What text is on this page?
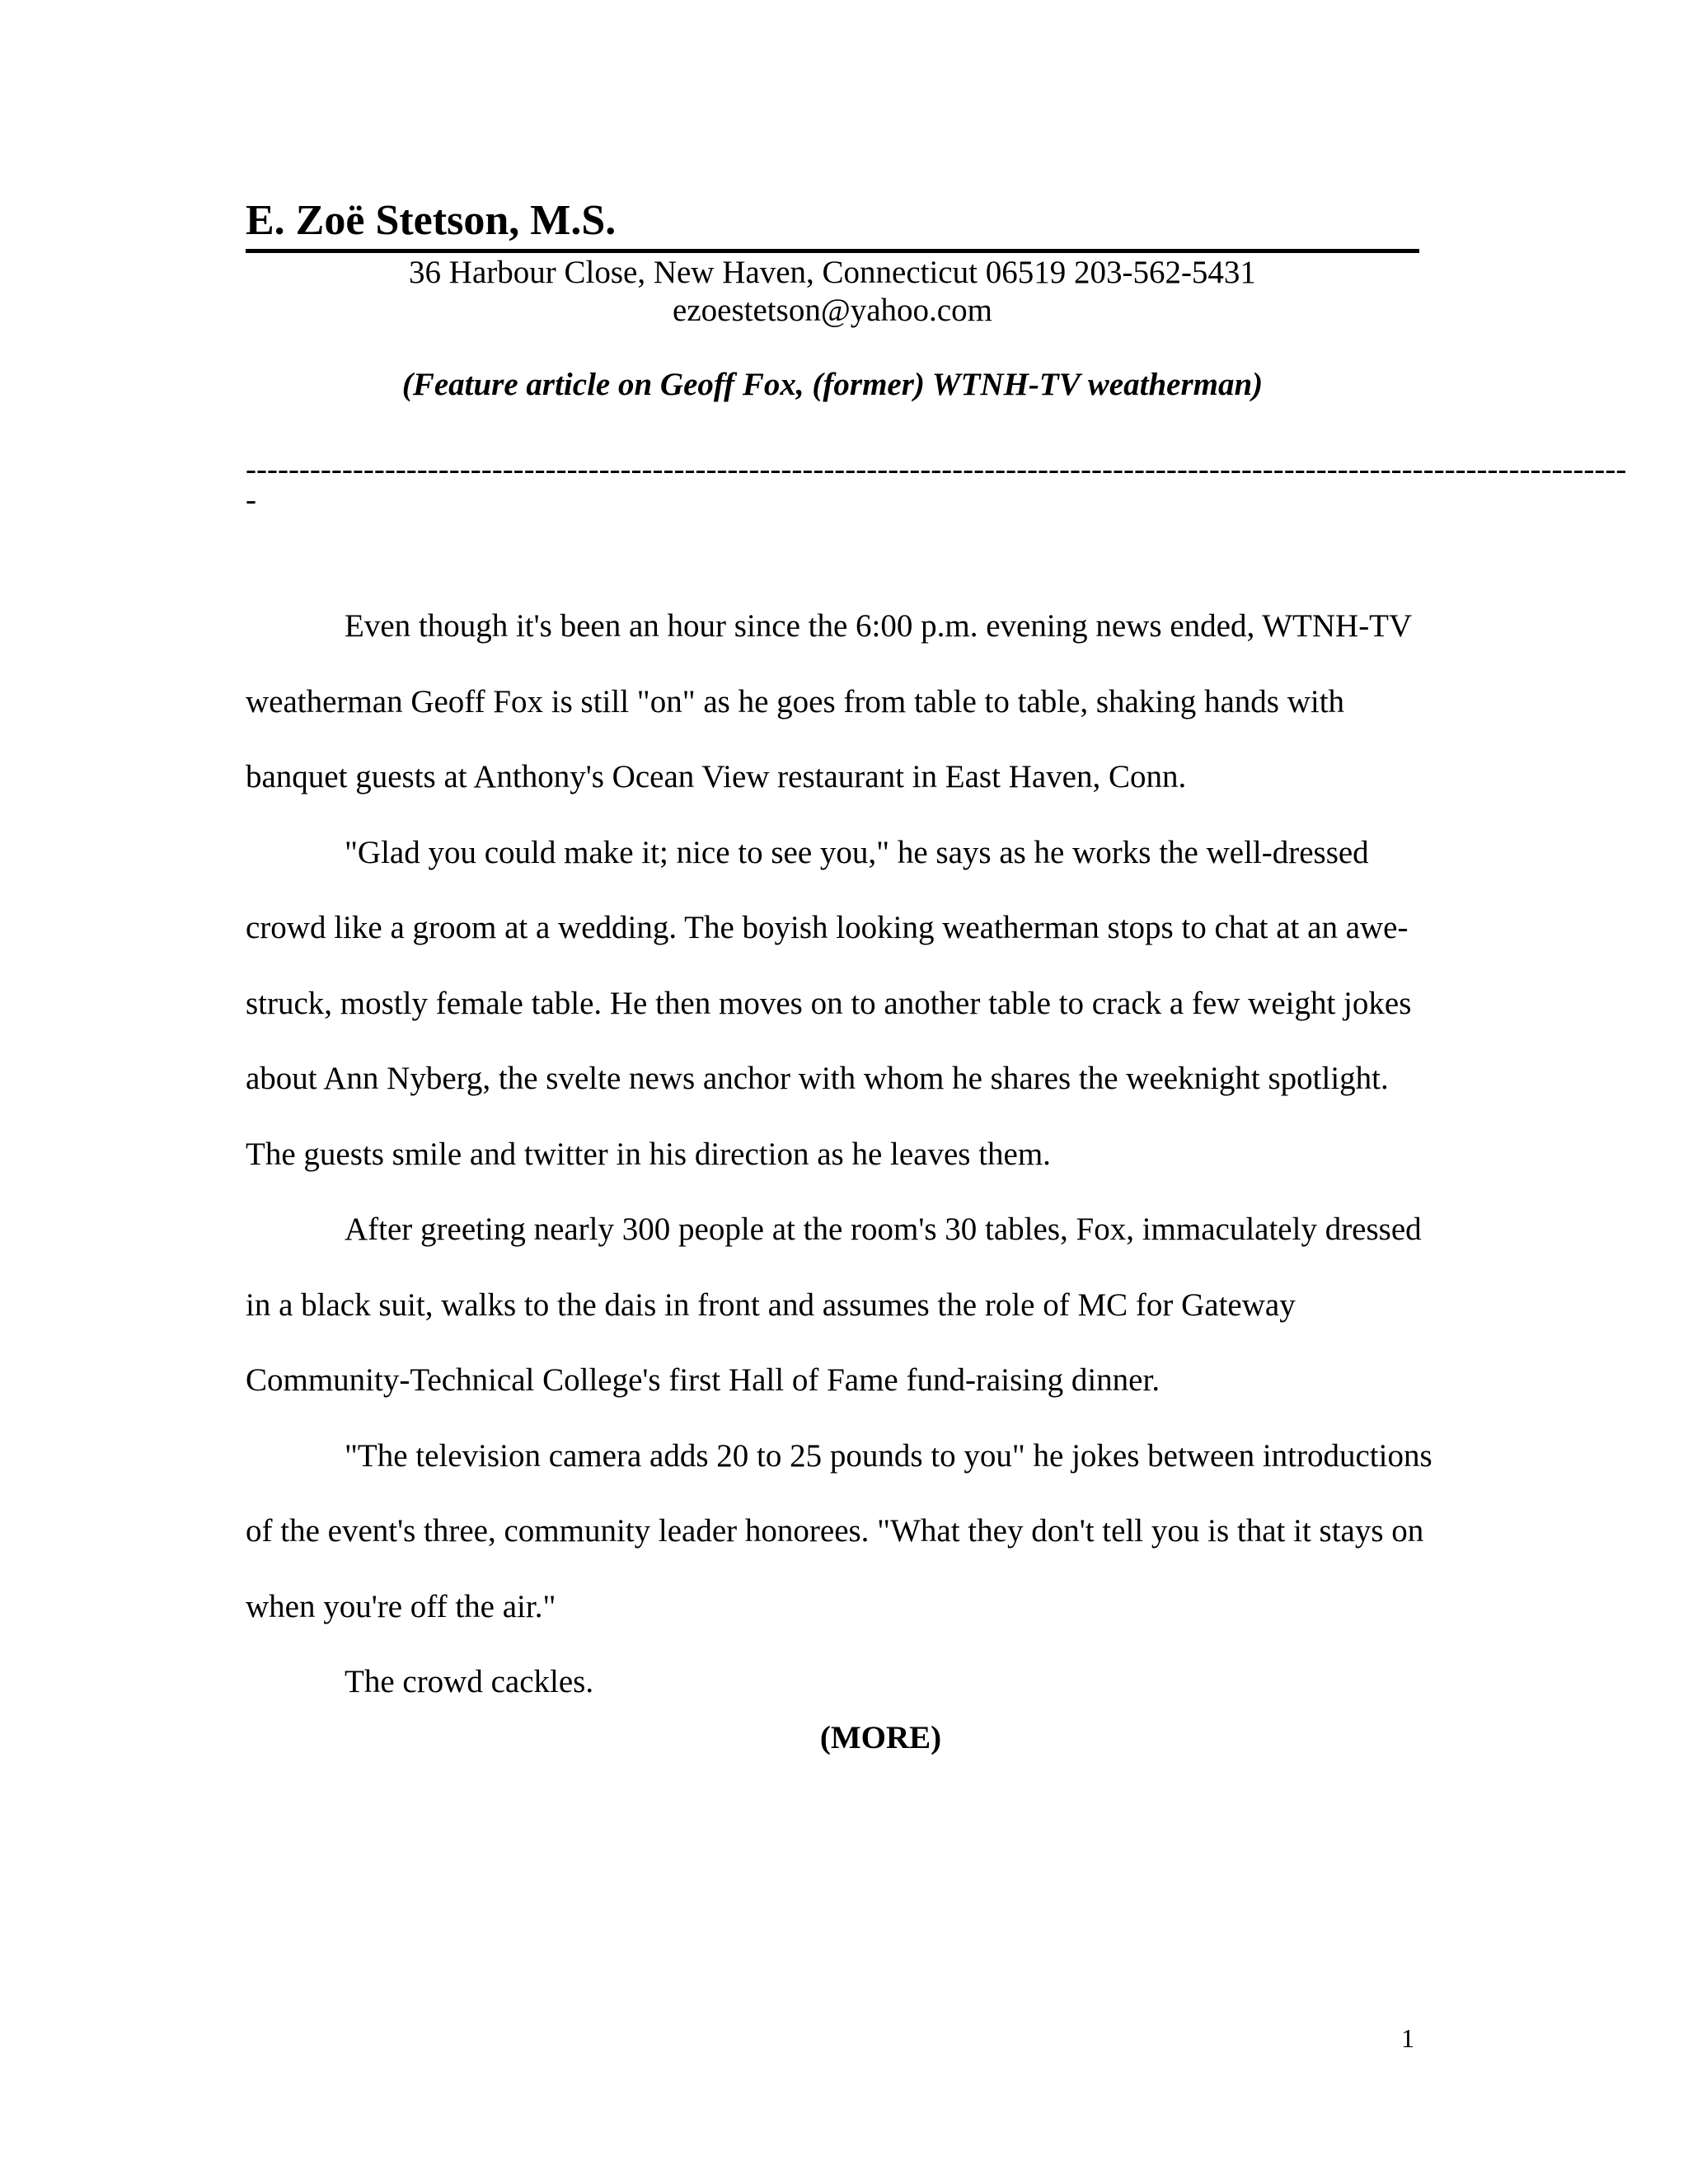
E. Zoë Stetson, M.S.
36 Harbour Close, New Haven, Connecticut 06519 203-562-5431
ezoestetson@yahoo.com
(Feature article on Geoff Fox, (former) WTNH-TV weatherman)
---------------------------------------------------------------------------------------------------------------------------------
-

Even though it's been an hour since the 6:00 p.m. evening news ended, WTNH-TV weatherman Geoff Fox is still "on" as he goes from table to table, shaking hands with banquet guests at Anthony's Ocean View restaurant in East Haven, Conn.

"Glad you could make it; nice to see you," he says as he works the well-dressed crowd like a groom at a wedding. The boyish looking weatherman stops to chat at an awe-struck, mostly female table. He then moves on to another table to crack a few weight jokes about Ann Nyberg, the svelte news anchor with whom he shares the weeknight spotlight. The guests smile and twitter in his direction as he leaves them.

After greeting nearly 300 people at the room's 30 tables, Fox, immaculately dressed in a black suit, walks to the dais in front and assumes the role of MC for Gateway Community-Technical College's first Hall of Fame fund-raising dinner.

"The television camera adds 20 to 25 pounds to you" he jokes between introductions of the event's three, community leader honorees. "What they don't tell you is that it stays on when you're off the air."

The crowd cackles.

(MORE)
1
